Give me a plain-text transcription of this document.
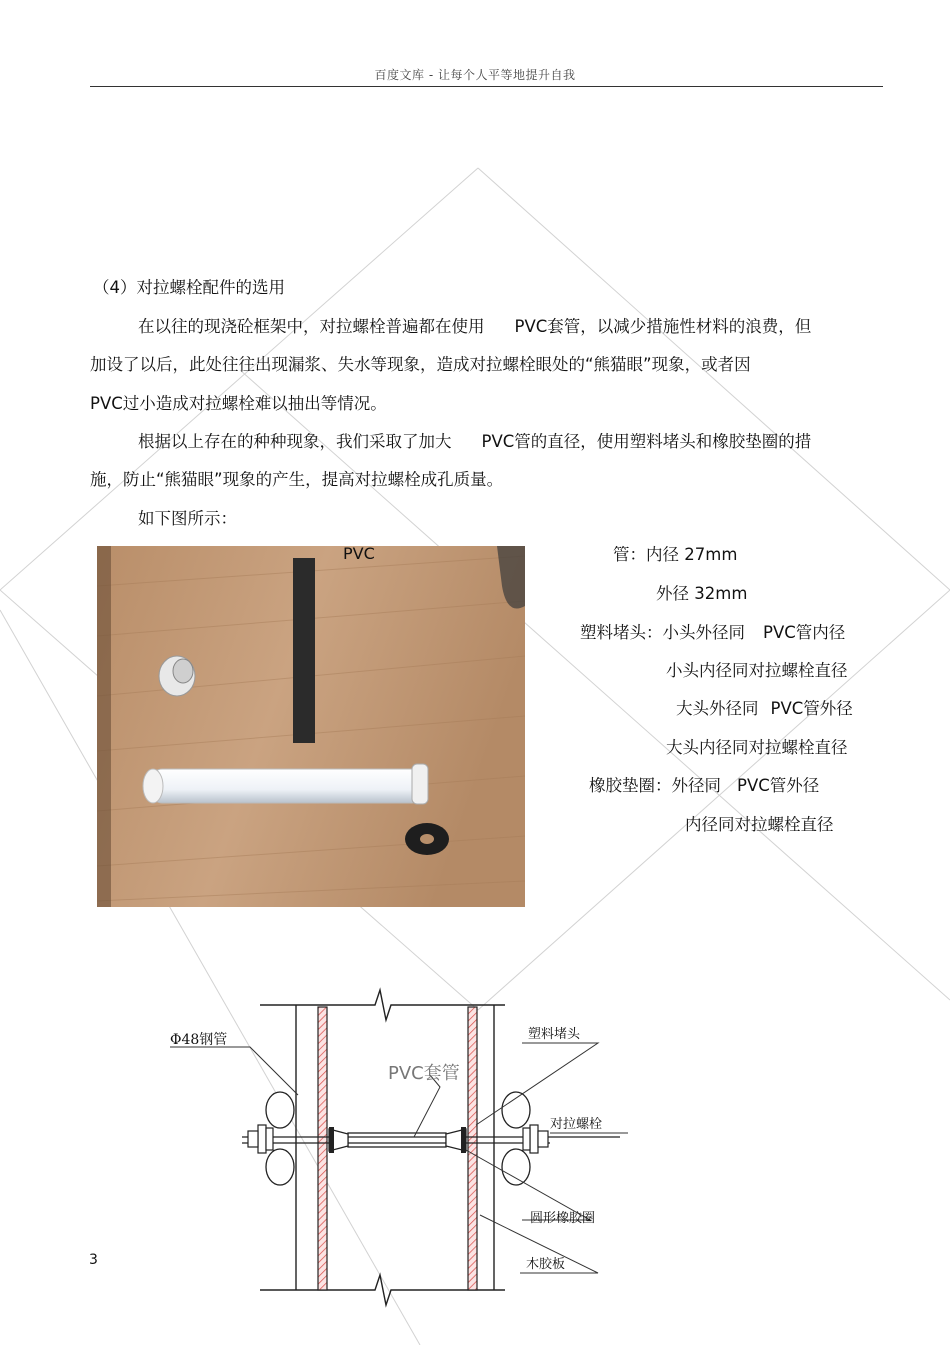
百度文库 - 让每个人平等地提升自我
（4）对拉螺栓配件的选用
在以往的现浇砼框架中，对拉螺栓普遍都在使用 PVC套管，以减少措施性材料的浪费，但
加设了以后，此处往往出现漏浆、失水等现象，造成对拉螺栓眼处的“熊猫眼”现象，或者因
PVC过小造成对拉螺栓难以抽出等情况。
根据以上存在的种种现象，我们采取了加大 PVC管的直径，使用塑料堵头和橡胶垫圈的措
施，防止“熊猫眼”现象的产生，提高对拉螺栓成孔质量。
如下图所示：
PVC	管：内径 27mm
外径 32mm
塑料堵头：小头外径同 PVC管内径
小头内径同对拉螺栓直径
大头外径同 PVC管外径
大头内径同对拉螺栓直径
橡胶垫圈：外径同 PVC管外径
内径同对拉螺栓直径
Φ48钢管
PVC套管
塑料堵头
对拉螺栓
圆形橡胶圈
木胶板
3
